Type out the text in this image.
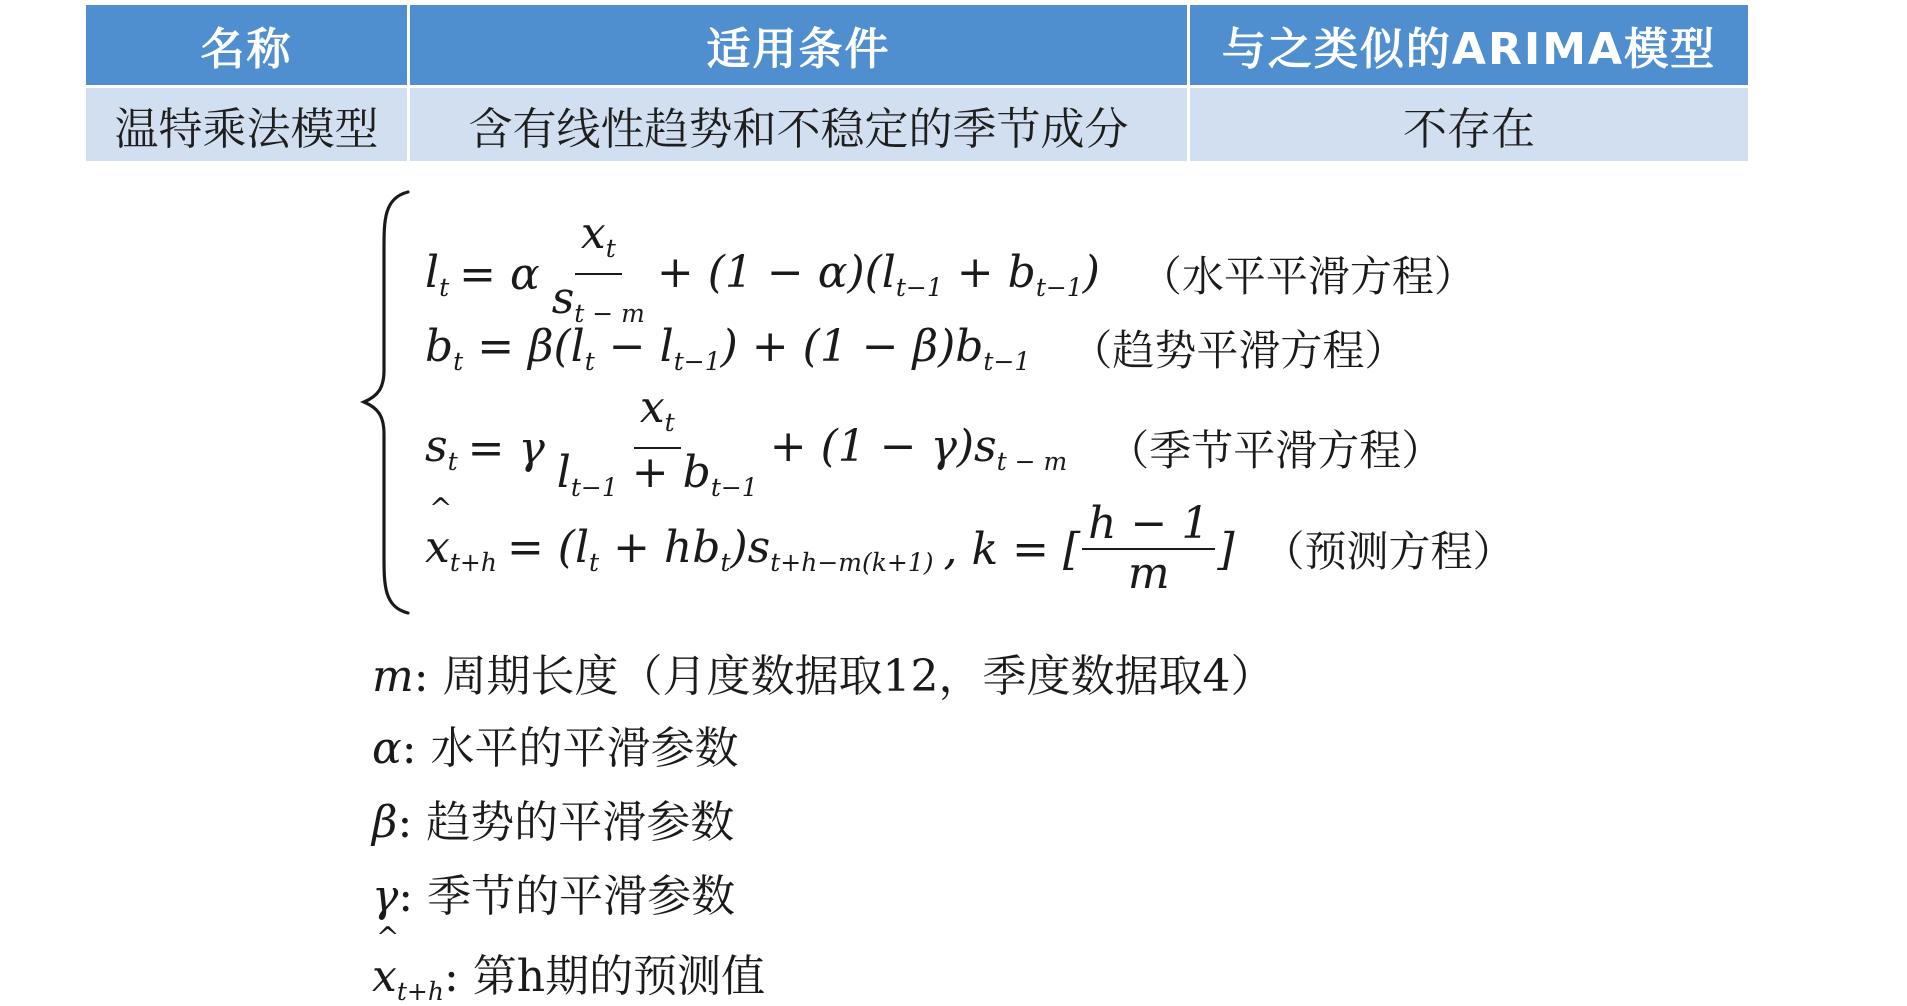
名称	适用条件	与之类似的ARIMA模型
温特乘法模型	含有线性趋势和不稳定的季节成分	不存在
$l_t = \alpha \frac{x_t}{s_{t - m}} + (1 - \alpha)(l_{t-1} + b_{t-1})$ （水平平滑方程）
$b_t = \beta(l_t - l_{t-1}) + (1 - \beta)b_{t-1}$ （趋势平滑方程）
$s_t = \gamma \frac{x_t}{l_{t-1} + b_{t-1}} + (1 - \gamma)s_{t - m}$ （季节平滑方程）
^ $x_{t+h} = (l_t + hb_t)s_{t+h-m(k+1)}$ , k = [ $\frac{h - 1}{m}$ ] （预测方程）
m: 周期长度（月度数据取12，季度数据取4）
α: 水平的平滑参数
β: 趋势的平滑参数
γ: 季节的平滑参数
^ $x_{t+h}$: 第h期的预测值
